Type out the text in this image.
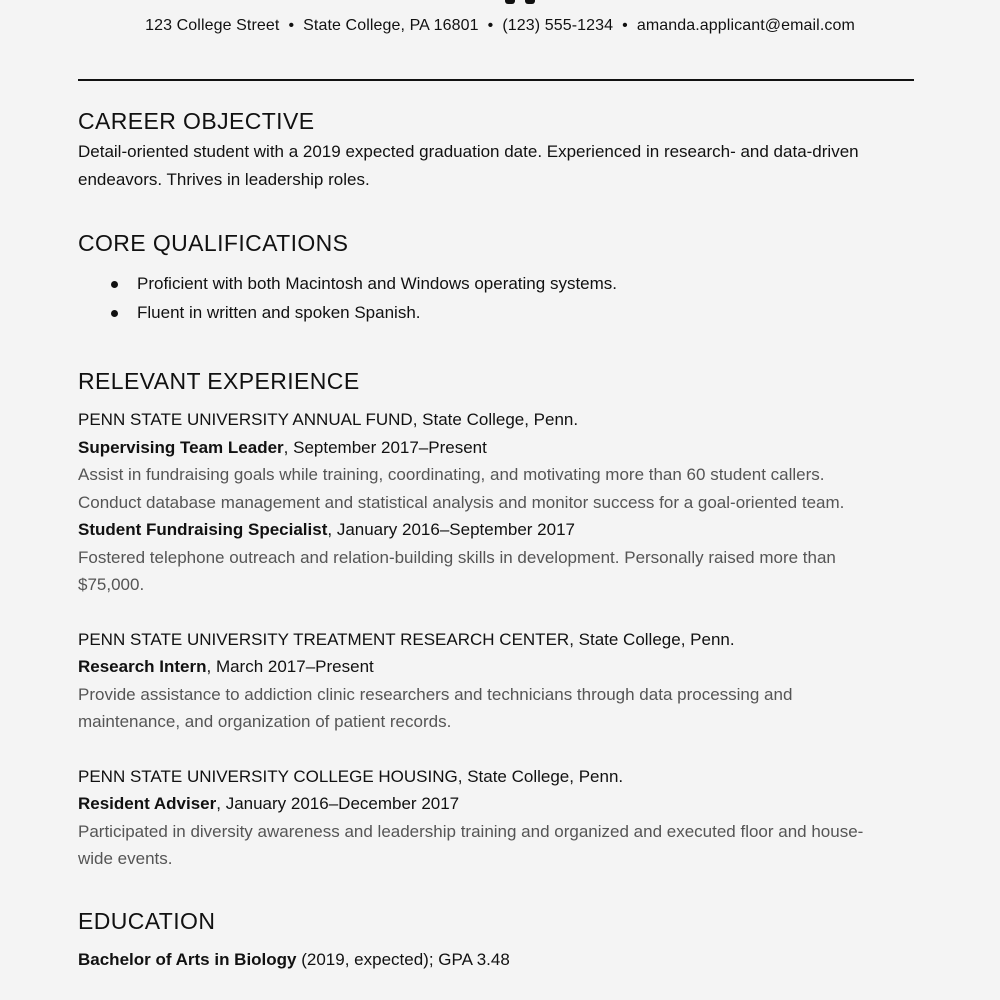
123 College Street • State College, PA 16801 • (123) 555-1234 • amanda.applicant@email.com
CAREER OBJECTIVE

Detail-oriented student with a 2019 expected graduation date. Experienced in research- and data-driven

endeavors. Thrives in leadership roles.

CORE QUALIFICATIONS
Proficient with both Macintosh and Windows operating systems.
Fluent in written and spoken Spanish.
RELEVANT EXPERIENCE

PENN STATE UNIVERSITY ANNUAL FUND, State College, Penn.

Supervising Team Leader, September 2017–Present

Assist in fundraising goals while training, coordinating, and motivating more than 60 student callers.

Conduct database management and statistical analysis and monitor success for a goal-oriented team.

Student Fundraising Specialist, January 2016–September 2017

Fostered telephone outreach and relation-building skills in development. Personally raised more than

$75,000.

PENN STATE UNIVERSITY TREATMENT RESEARCH CENTER, State College, Penn.

Research Intern, March 2017–Present

Provide assistance to addiction clinic researchers and technicians through data processing and

maintenance, and organization of patient records.

PENN STATE UNIVERSITY COLLEGE HOUSING, State College, Penn.

Resident Adviser, January 2016–December 2017

Participated in diversity awareness and leadership training and organized and executed floor and house-

wide events.

EDUCATION

Bachelor of Arts in Biology (2019, expected); GPA 3.48
